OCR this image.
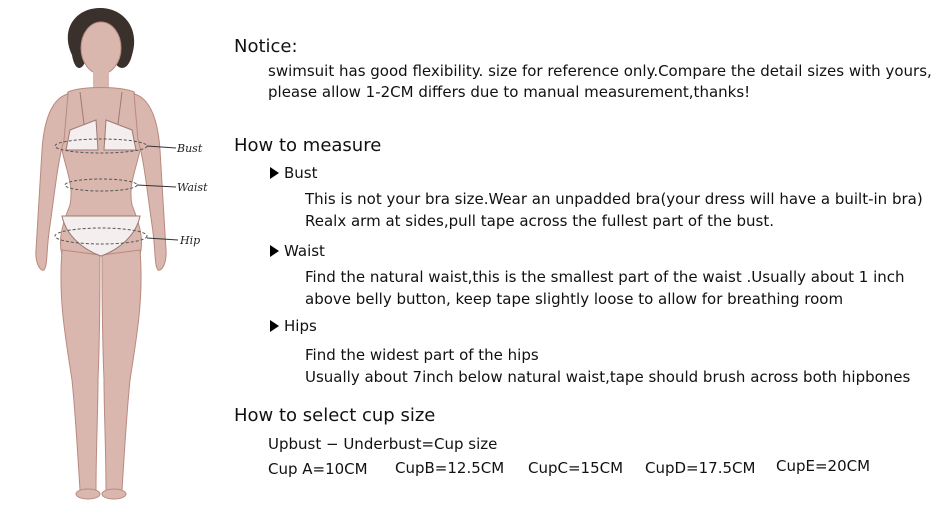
Bust
Waist
Hip
Notice:
swimsuit has good flexibility. size for reference only.Compare the detail sizes with yours,
please allow 1-2CM differs due to manual measurement,thanks!
How to measure
Bust
This is not your bra size.Wear an unpadded bra(your dress will have a built-in bra)
Realx arm at sides,pull tape across the fullest part of the bust.
Waist
Find the natural waist,this is the smallest part of the waist .Usually about 1 inch
above belly button, keep tape slightly loose to allow for breathing room
Hips
Find the widest part of the hips
Usually about 7inch below natural waist,tape should brush across both hipbones
How to select cup size
Upbust − Underbust=Cup size
Cup A=10CM CupB=12.5CM CupC=15CM CupD=17.5CM CupE=20CM
